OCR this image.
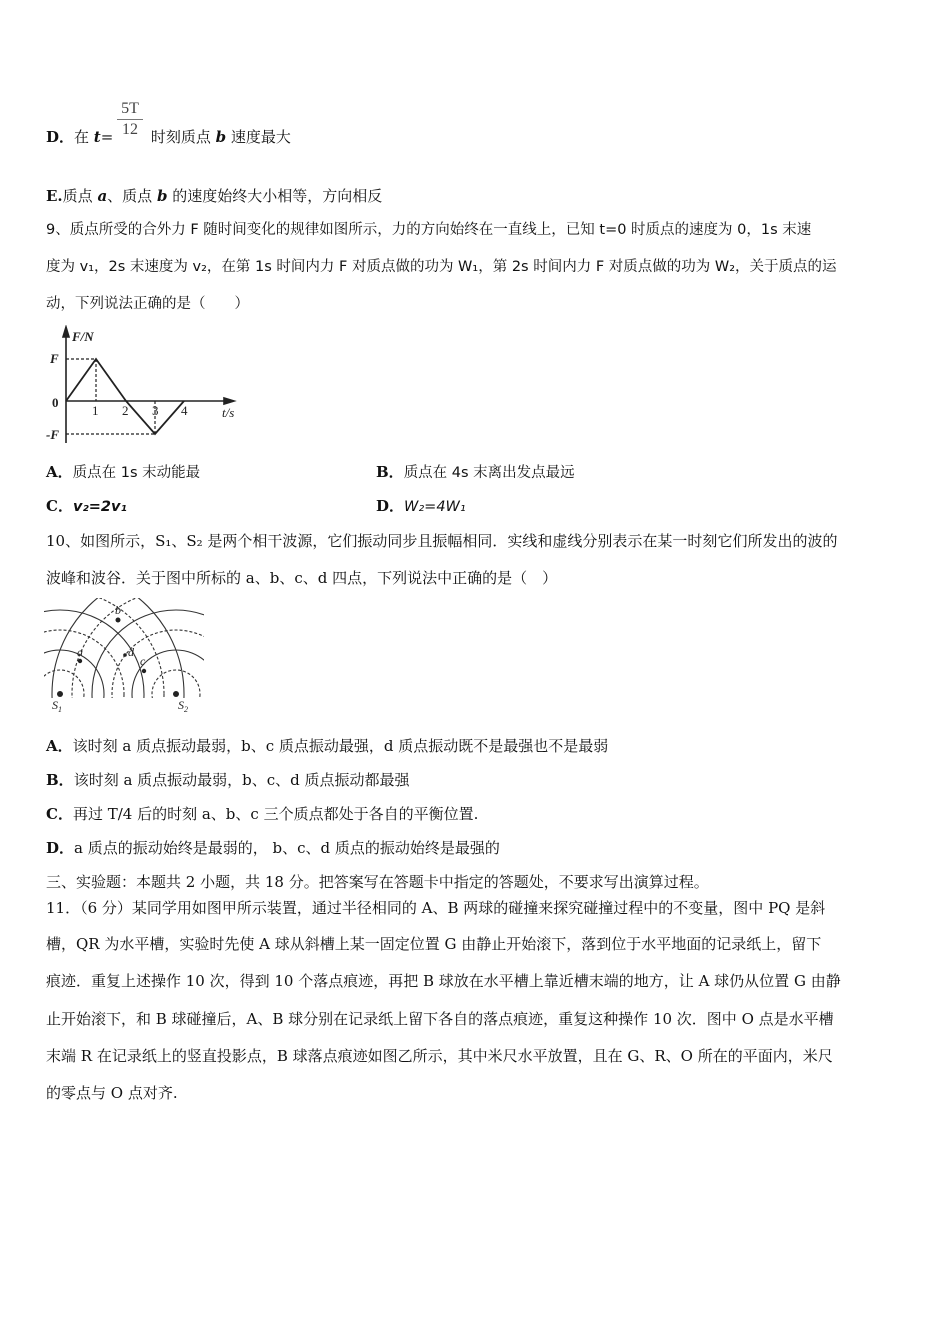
D．在 t=  时刻质点 b 速度最大
$\frac{5T}{12}$
E.质点 a、质点 b 的速度始终大小相等，方向相反
9、质点所受的合外力 F 随时间变化的规律如图所示，力的方向始终在一直线上，已知 t=0 时质点的速度为 0，1s 末速
度为 v₁，2s 末速度为 v₂，在第 1s 时间内力 F 对质点做的功为 W₁，第 2s 时间内力 F 对质点做的功为 W₂，关于质点的运
动，下列说法正确的是（　　）
F/N
F
0
-F
1 2 3 4	t/s
A．质点在 1s 末动能最	B．质点在 4s 末离出发点最远
C．v₂=2v₁	D．W₂=4W₁
10、如图所示，S₁、S₂ 是两个相干波源，它们振动同步且振幅相同．实线和虚线分别表示在某一时刻它们所发出的波的
波峰和波谷．关于图中所标的 a、b、c、d 四点，下列说法中正确的是（　）
b
a	d
c
$S_1$	$S_2$
A．该时刻 a 质点振动最弱，b、c 质点振动最强，d 质点振动既不是最强也不是最弱
B．该时刻 a 质点振动最弱，b、c、d 质点振动都最强
C．再过 T/4 后的时刻 a、b、c 三个质点都处于各自的平衡位置.
D．a 质点的振动始终是最弱的， b、c、d 质点的振动始终是最强的
三、实验题：本题共 2 小题，共 18 分。把答案写在答题卡中指定的答题处，不要求写出演算过程。
11．（6 分）某同学用如图甲所示装置，通过半径相同的 A、B 两球的碰撞来探究碰撞过程中的不变量，图中 PQ 是斜
槽，QR 为水平槽，实验时先使 A 球从斜槽上某一固定位置 G 由静止开始滚下，落到位于水平地面的记录纸上，留下
痕迹．重复上述操作 10 次，得到 10 个落点痕迹，再把 B 球放在水平槽上靠近槽末端的地方，让 A 球仍从位置 G 由静
止开始滚下，和 B 球碰撞后，A、B 球分别在记录纸上留下各自的落点痕迹，重复这种操作 10 次．图中 O 点是水平槽
末端 R 在记录纸上的竖直投影点，B 球落点痕迹如图乙所示，其中米尺水平放置，且在 G、R、O 所在的平面内，米尺
的零点与 O 点对齐.
